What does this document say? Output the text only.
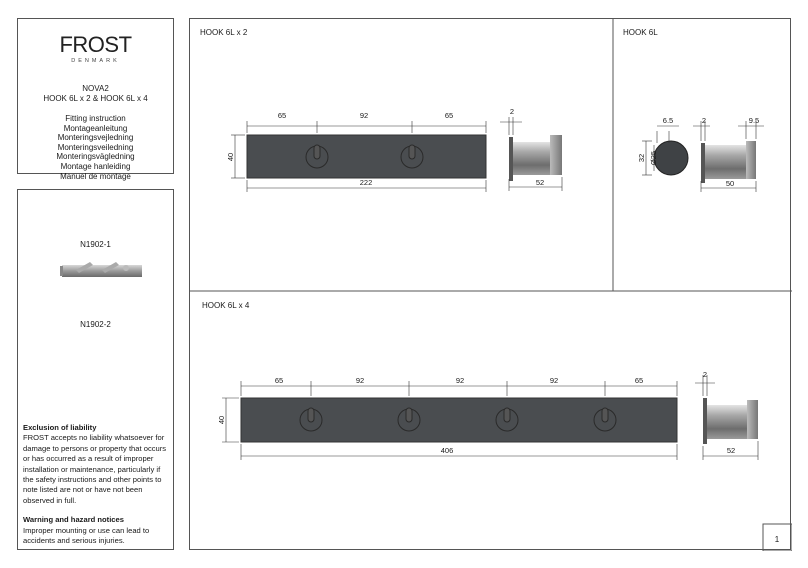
FROST
DENMARK
NOVA2
HOOK 6L x 2 & HOOK 6L x 4
Fitting instruction
Montageanleitung
Monteringsvejledning
Monteringsveiledning
Monteringsvägledning
Montage hanleiding
Manuel de montage
N1902-1
N1902-2
Exclusion of liability
FROST accepts no liability whatsoever for damage to persons or property that occurs or has occurred as a result of improper installation or maintenance, particularly if the safety instructions and other points to note listed are not or have not been observed in full.
Warning and hazard notices
Improper mounting or use can lead to accidents and serious injuries.
HOOK 6L x 2	HOOK 6L
HOOK 6L x 4
65	92	65
222
40
2
52
6.5
32 Ø25
2	9.5
50
65	92	92	92	65
406
40
2
52
1
